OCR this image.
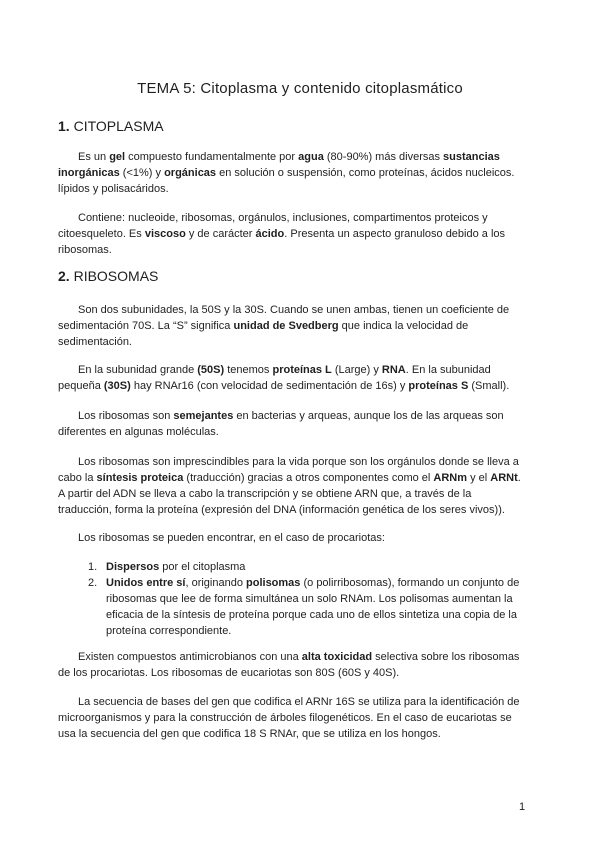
TEMA 5: Citoplasma y contenido citoplasmático
1. CITOPLASMA

Es un gel compuesto fundamentalmente por agua (80-90%) más diversas sustancias inorgánicas (<1%) y orgánicas en solución o suspensión, como proteínas, ácidos nucleicos. lípidos y polisacáridos.

Contiene: nucleoide, ribosomas, orgánulos, inclusiones, compartimentos proteicos y citoesqueleto. Es viscoso y de carácter ácido. Presenta un aspecto granuloso debido a los ribosomas.

2. RIBOSOMAS

Son dos subunidades, la 50S y la 30S. Cuando se unen ambas, tienen un coeficiente de sedimentación 70S. La “S” significa unidad de Svedberg que indica la velocidad de sedimentación.

En la subunidad grande (50S) tenemos proteínas L (Large) y RNA. En la subunidad pequeña (30S) hay RNAr16 (con velocidad de sedimentación de 16s) y proteínas S (Small).

Los ribosomas son semejantes en bacterias y arqueas, aunque los de las arqueas son diferentes en algunas moléculas.

Los ribosomas son imprescindibles para la vida porque son los orgánulos donde se lleva a cabo la síntesis proteica (traducción) gracias a otros componentes como el ARNm y el ARNt. A partir del ADN se lleva a cabo la transcripción y se obtiene ARN que, a través de la traducción, forma la proteína (expresión del DNA (información genética de los seres vivos)).

Los ribosomas se pueden encontrar, en el caso de procariotas:

1. Dispersos por el citoplasma
2. Unidos entre sí, originando polisomas (o polirribosomas), formando un conjunto de ribosomas que lee de forma simultánea un solo RNAm. Los polisomas aumentan la eficacia de la síntesis de proteína porque cada uno de ellos sintetiza una copia de la proteína correspondiente.

Existen compuestos antimicrobianos con una alta toxicidad selectiva sobre los ribosomas de los procariotas. Los ribosomas de eucariotas son 80S (60S y 40S).

La secuencia de bases del gen que codifica el ARNr 16S se utiliza para la identificación de microorganismos y para la construcción de árboles filogenéticos. En el caso de eucariotas se usa la secuencia del gen que codifica 18 S RNAr, que se utiliza en los hongos.

1
